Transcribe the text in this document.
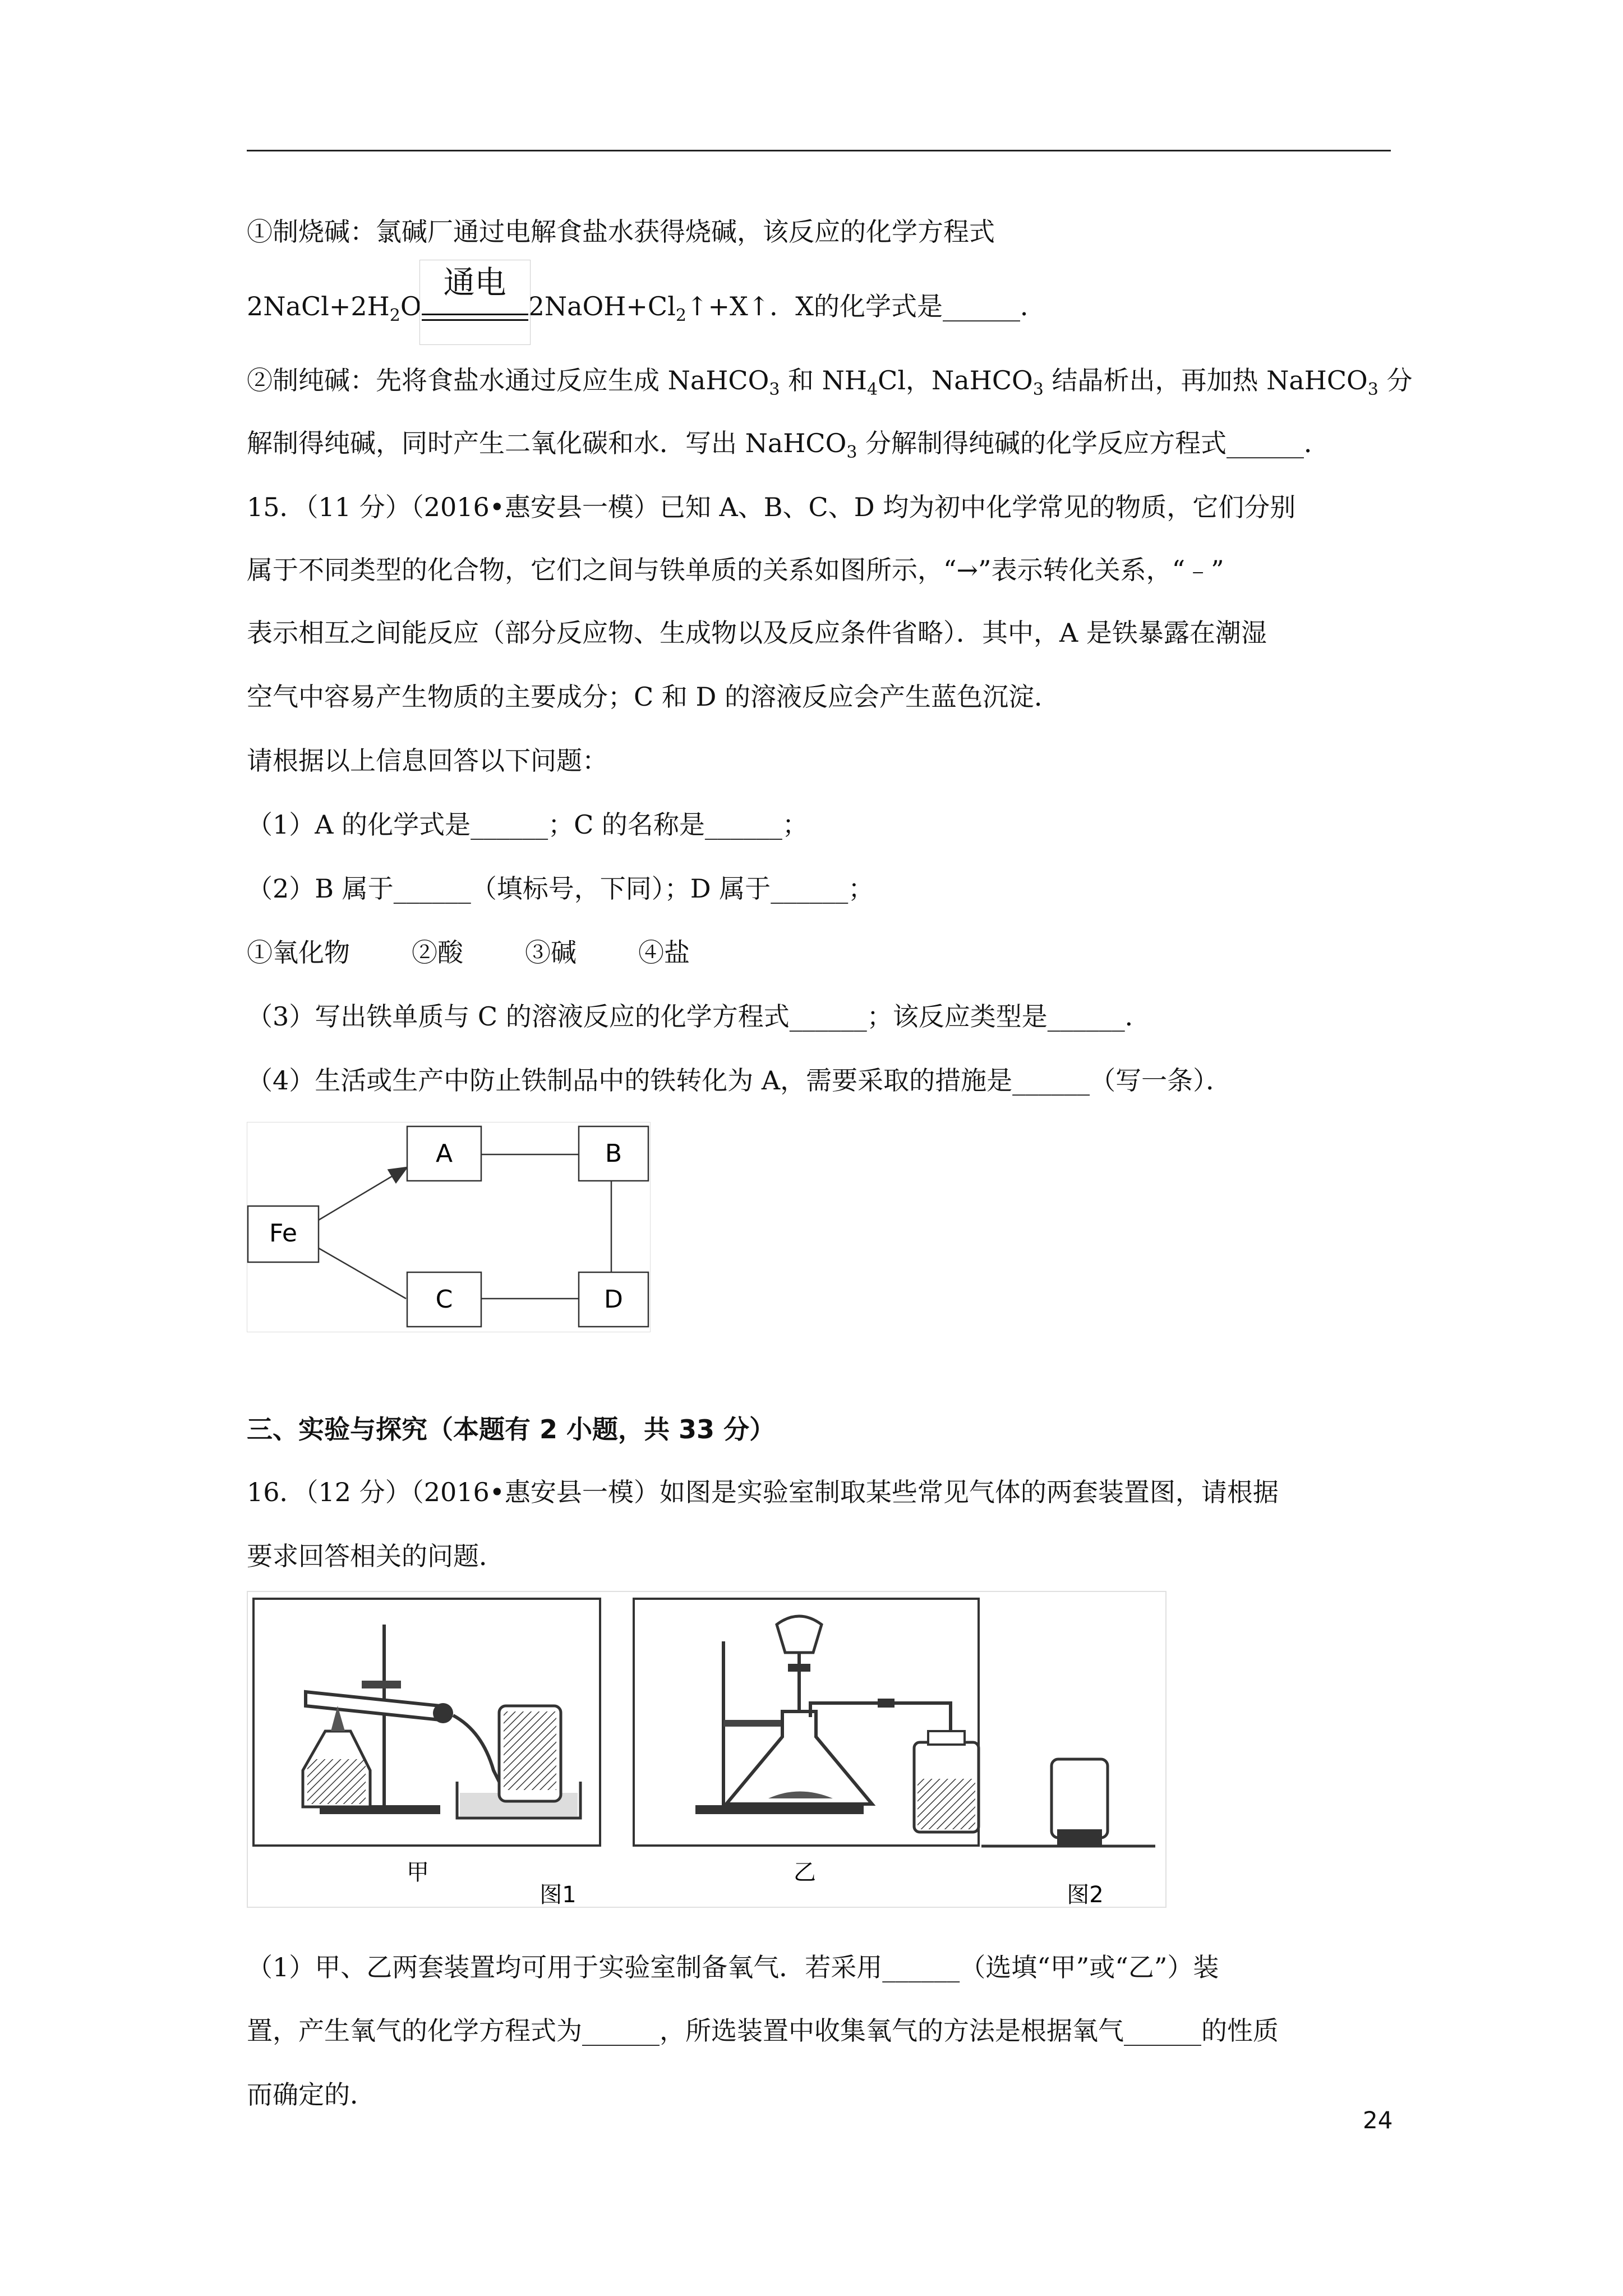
①制烧碱：氯碱厂通过电解食盐水获得烧碱，该反应的化学方程式
$2NaCl+2H_2O$
通电
$2NaOH+Cl_2↑+X↑$．X的化学式是______．
②制纯碱：先将食盐水通过反应生成 NaHCO$_3$ 和 $NH_4Cl$，NaHCO$_3$ 结晶析出，再加热 NaHCO$_3$ 分
解制得纯碱，同时产生二氧化碳和水．写出 NaHCO$_3$ 分解制得纯碱的化学反应方程式______．
15．（11 分）（2016•惠安县一模）已知 A、B、C、D 均为初中化学常见的物质，它们分别
属于不同类型的化合物，它们之间与铁单质的关系如图所示，“→”表示转化关系，“﹣”
表示相互之间能反应（部分反应物、生成物以及反应条件省略）．其中，A 是铁暴露在潮湿
空气中容易产生物质的主要成分；C 和 D 的溶液反应会产生蓝色沉淀．
请根据以上信息回答以下问题：
（1）A 的化学式是______；C 的名称是______；
（2）B 属于______（填标号，下同）；D 属于______；
①氧化物 ②酸 ③碱 ④盐
（3）写出铁单质与 C 的溶液反应的化学方程式______；该反应类型是______．
（4）生活或生产中防止铁制品中的铁转化为 A，需要采取的措施是______（写一条）．
Fe
A	B
C	D
三、实验与探究（本题有 2 小题，共 33 分）
16．（12 分）（2016•惠安县一模）如图是实验室制取某些常见气体的两套装置图，请根据
要求回答相关的问题．
甲	乙
图1	图2
（1）甲、乙两套装置均可用于实验室制备氧气．若采用______（选填“甲”或“乙”）装
置，产生氧气的化学方程式为______，所选装置中收集氧气的方法是根据氧气______的性质
而确定的．
24
